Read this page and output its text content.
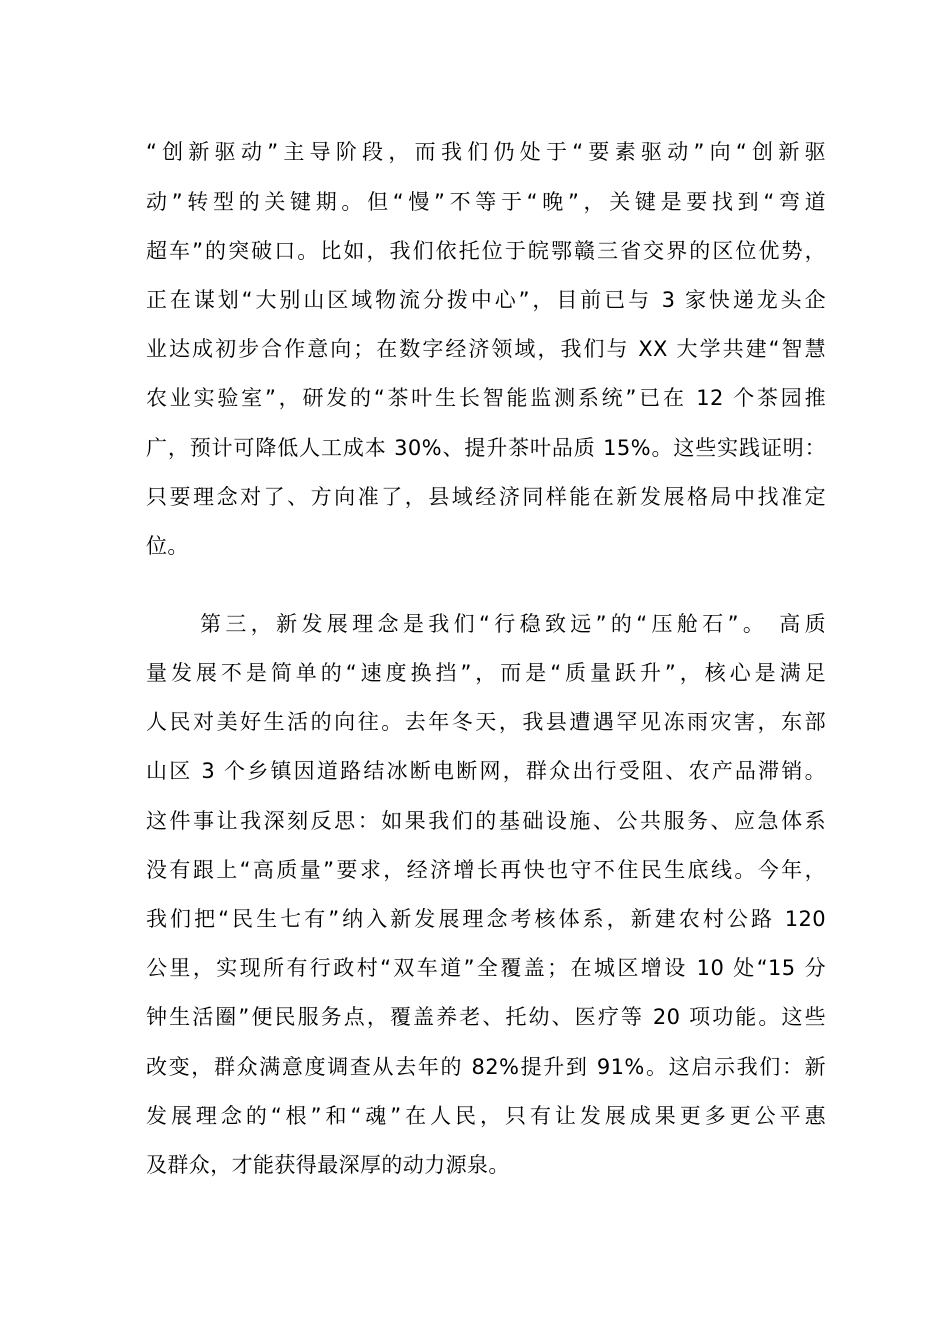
“创新驱动”主导阶段，而我们仍处于“要素驱动”向“创新驱
动”转型的关键期。但“慢”不等于“晚”，关键是要找到“弯道
超车”的突破口。比如，我们依托位于皖鄂赣三省交界的区位优势，
正在谋划“大别山区域物流分拨中心”，目前已与 3 家快递龙头企
业达成初步合作意向；在数字经济领域，我们与 XX 大学共建“智慧
农业实验室”，研发的“茶叶生长智能监测系统”已在 12 个茶园推
广，预计可降低人工成本 30%、提升茶叶品质 15%。这些实践证明：
只要理念对了、方向准了，县域经济同样能在新发展格局中找准定
位。
第三，新发展理念是我们“行稳致远”的“压舱石”。 高质
量发展不是简单的“速度换挡”，而是“质量跃升”，核心是满足
人民对美好生活的向往。去年冬天，我县遭遇罕见冻雨灾害，东部
山区 3 个乡镇因道路结冰断电断网，群众出行受阻、农产品滞销。
这件事让我深刻反思：如果我们的基础设施、公共服务、应急体系
没有跟上“高质量”要求，经济增长再快也守不住民生底线。今年，
我们把“民生七有”纳入新发展理念考核体系，新建农村公路 120
公里，实现所有行政村“双车道”全覆盖；在城区增设 10 处“15 分
钟生活圈”便民服务点，覆盖养老、托幼、医疗等 20 项功能。这些
改变，群众满意度调查从去年的 82%提升到 91%。这启示我们：新
发展理念的“根”和“魂”在人民，只有让发展成果更多更公平惠
及群众，才能获得最深厚的动力源泉。
